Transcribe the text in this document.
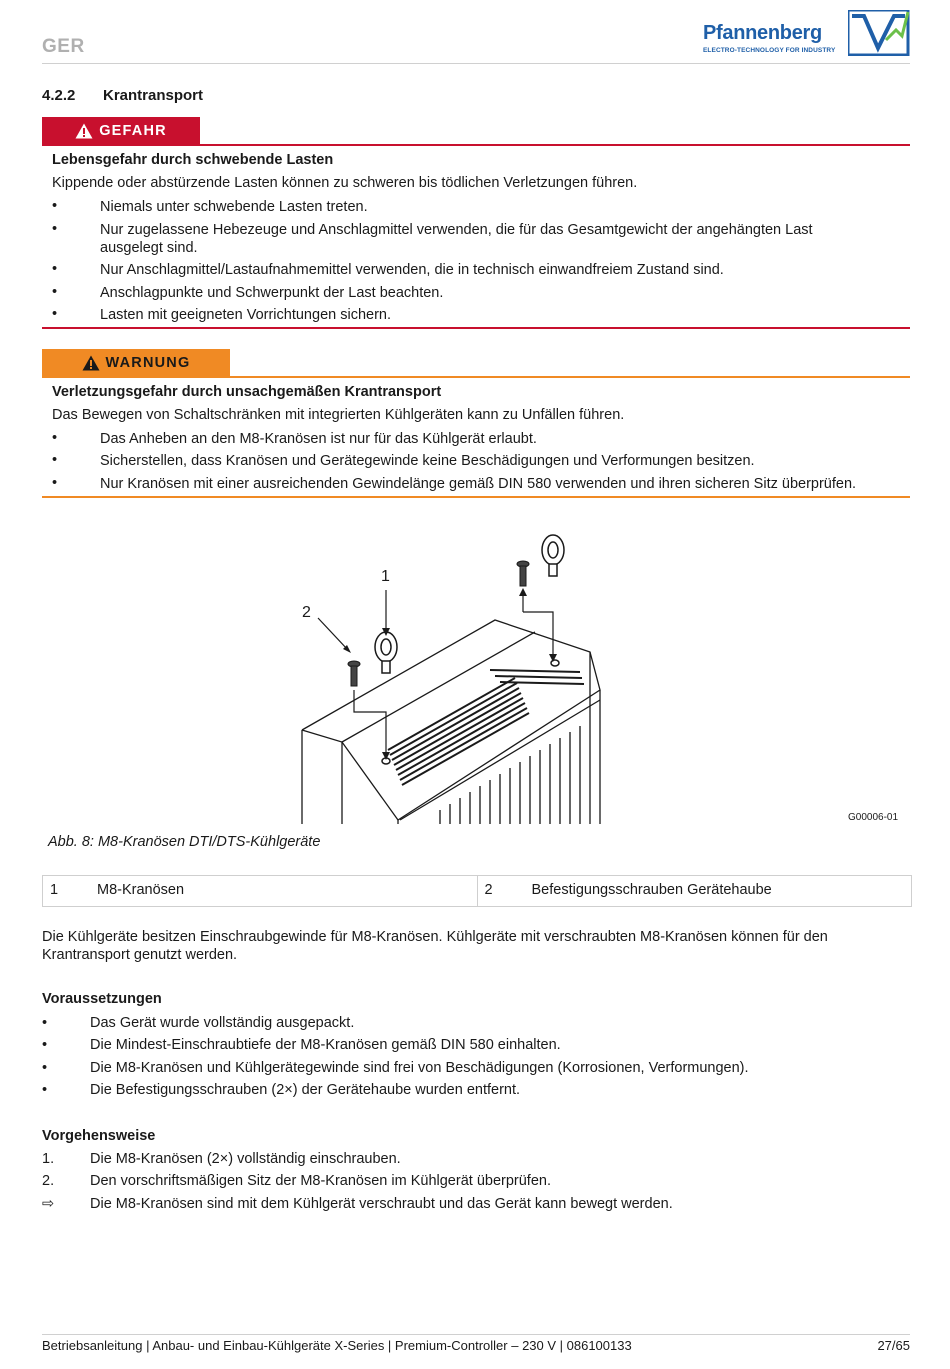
GER
Pfannenberg
ELECTRO-TECHNOLOGY FOR INDUSTRY
4.2.2 Krantransport
GEFAHR
Lebensgefahr durch schwebende Lasten
Kippende oder abstürzende Lasten können zu schweren bis tödlichen Verletzungen führen.
•	Niemals unter schwebende Lasten treten.
•	Nur zugelassene Hebezeuge und Anschlagmittel verwenden, die für das Gesamtgewicht der angehängten Last
ausgelegt sind.
•	Nur Anschlagmittel/Lastaufnahmemittel verwenden, die in technisch einwandfreiem Zustand sind.
•	Anschlagpunkte und Schwerpunkt der Last beachten.
•	Lasten mit geeigneten Vorrichtungen sichern.
WARNUNG
Verletzungsgefahr durch unsachgemäßen Krantransport
Das Bewegen von Schaltschränken mit integrierten Kühlgeräten kann zu Unfällen führen.
•	Das Anheben an den M8-Kranösen ist nur für das Kühlgerät erlaubt.
•	Sicherstellen, dass Kranösen und Gerätegewinde keine Beschädigungen und Verformungen besitzen.
•	Nur Kranösen mit einer ausreichenden Gewindelänge gemäß DIN 580 verwenden und ihren sicheren Sitz überprüfen.
1
2
G00006-01
Abb. 8: M8-Kranösen DTI/DTS-Kühlgeräte
1	M8-Kranösen	2	Befestigungsschrauben Gerätehaube
Die Kühlgeräte besitzen Einschraubgewinde für M8-Kranösen. Kühlgeräte mit verschraubten M8-Kranösen können für den
Krantransport genutzt werden.
Voraussetzungen
•	Das Gerät wurde vollständig ausgepackt.
•	Die Mindest-Einschraubtiefe der M8-Kranösen gemäß DIN 580 einhalten.
•	Die M8-Kranösen und Kühlgerätegewinde sind frei von Beschädigungen (Korrosionen, Verformungen).
•	Die Befestigungsschrauben (2×) der Gerätehaube wurden entfernt.
Vorgehensweise
1. Die M8-Kranösen (2×) vollständig einschrauben.
2. Den vorschriftsmäßigen Sitz der M8-Kranösen im Kühlgerät überprüfen.
⇨ Die M8-Kranösen sind mit dem Kühlgerät verschraubt und das Gerät kann bewegt werden.
Betriebsanleitung | Anbau- und Einbau-Kühlgeräte X-Series | Premium-Controller – 230 V | 086100133	27/65
